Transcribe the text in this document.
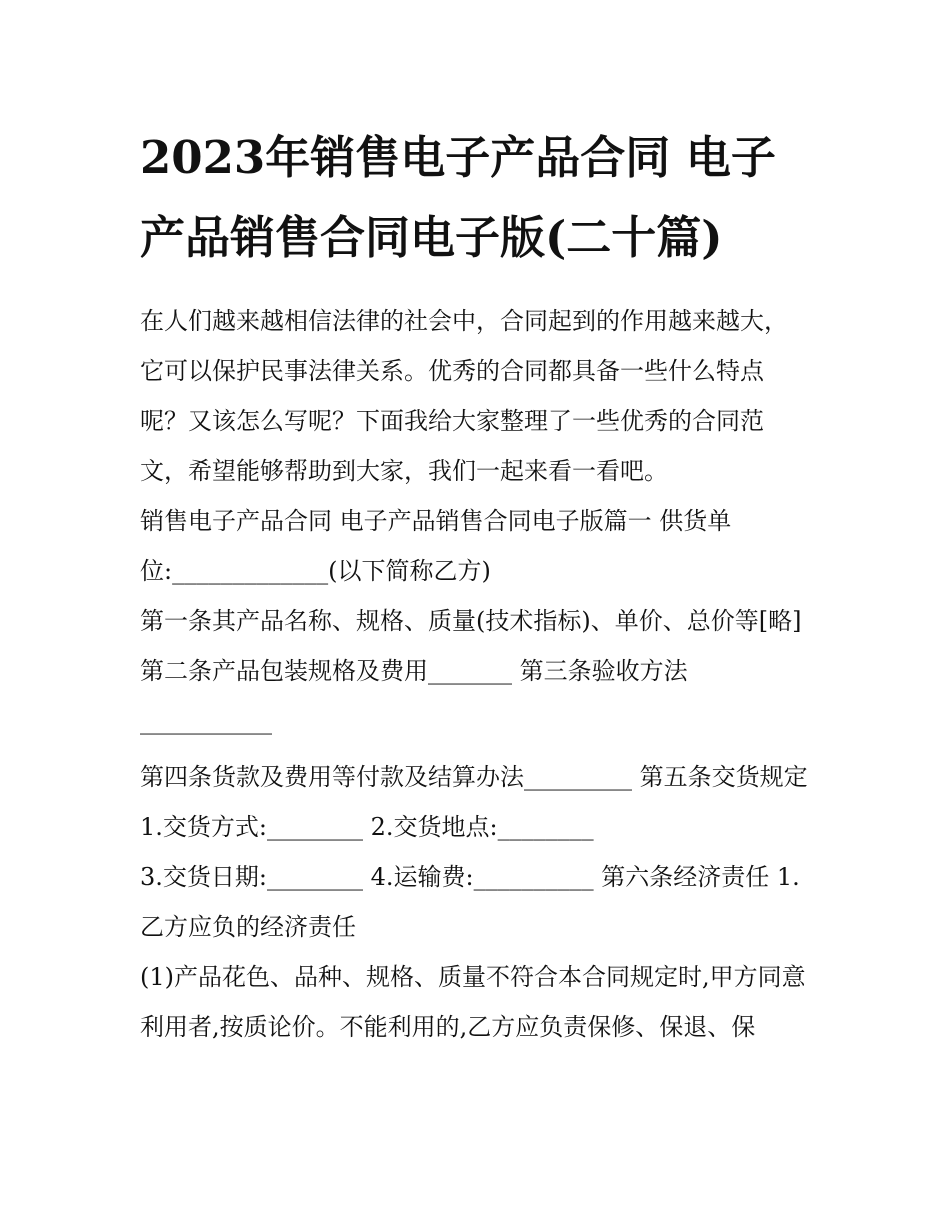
2023年销售电子产品合同 电子产品销售合同电子版(二十篇)

在人们越来越相信法律的社会中，合同起到的作用越来越大，它可以保护民事法律关系。优秀的合同都具备一些什么特点呢？又该怎么写呢？下面我给大家整理了一些优秀的合同范文，希望能够帮助到大家，我们一起来看一看吧。

销售电子产品合同 电子产品销售合同电子版篇一 供货单位:_____________(以下简称乙方)

第一条其产品名称、规格、质量(技术指标)、单价、总价等[略] 第二条产品包装规格及费用_______ 第三条验收方法___________

第四条货款及费用等付款及结算办法_________ 第五条交货规定 1.交货方式:________ 2.交货地点:________

3.交货日期:________ 4.运输费:__________ 第六条经济责任 1.乙方应负的经济责任

(1)产品花色、品种、规格、质量不符合本合同规定时,甲方同意利用者,按质论价。不能利用的,乙方应负责保修、保退、保
